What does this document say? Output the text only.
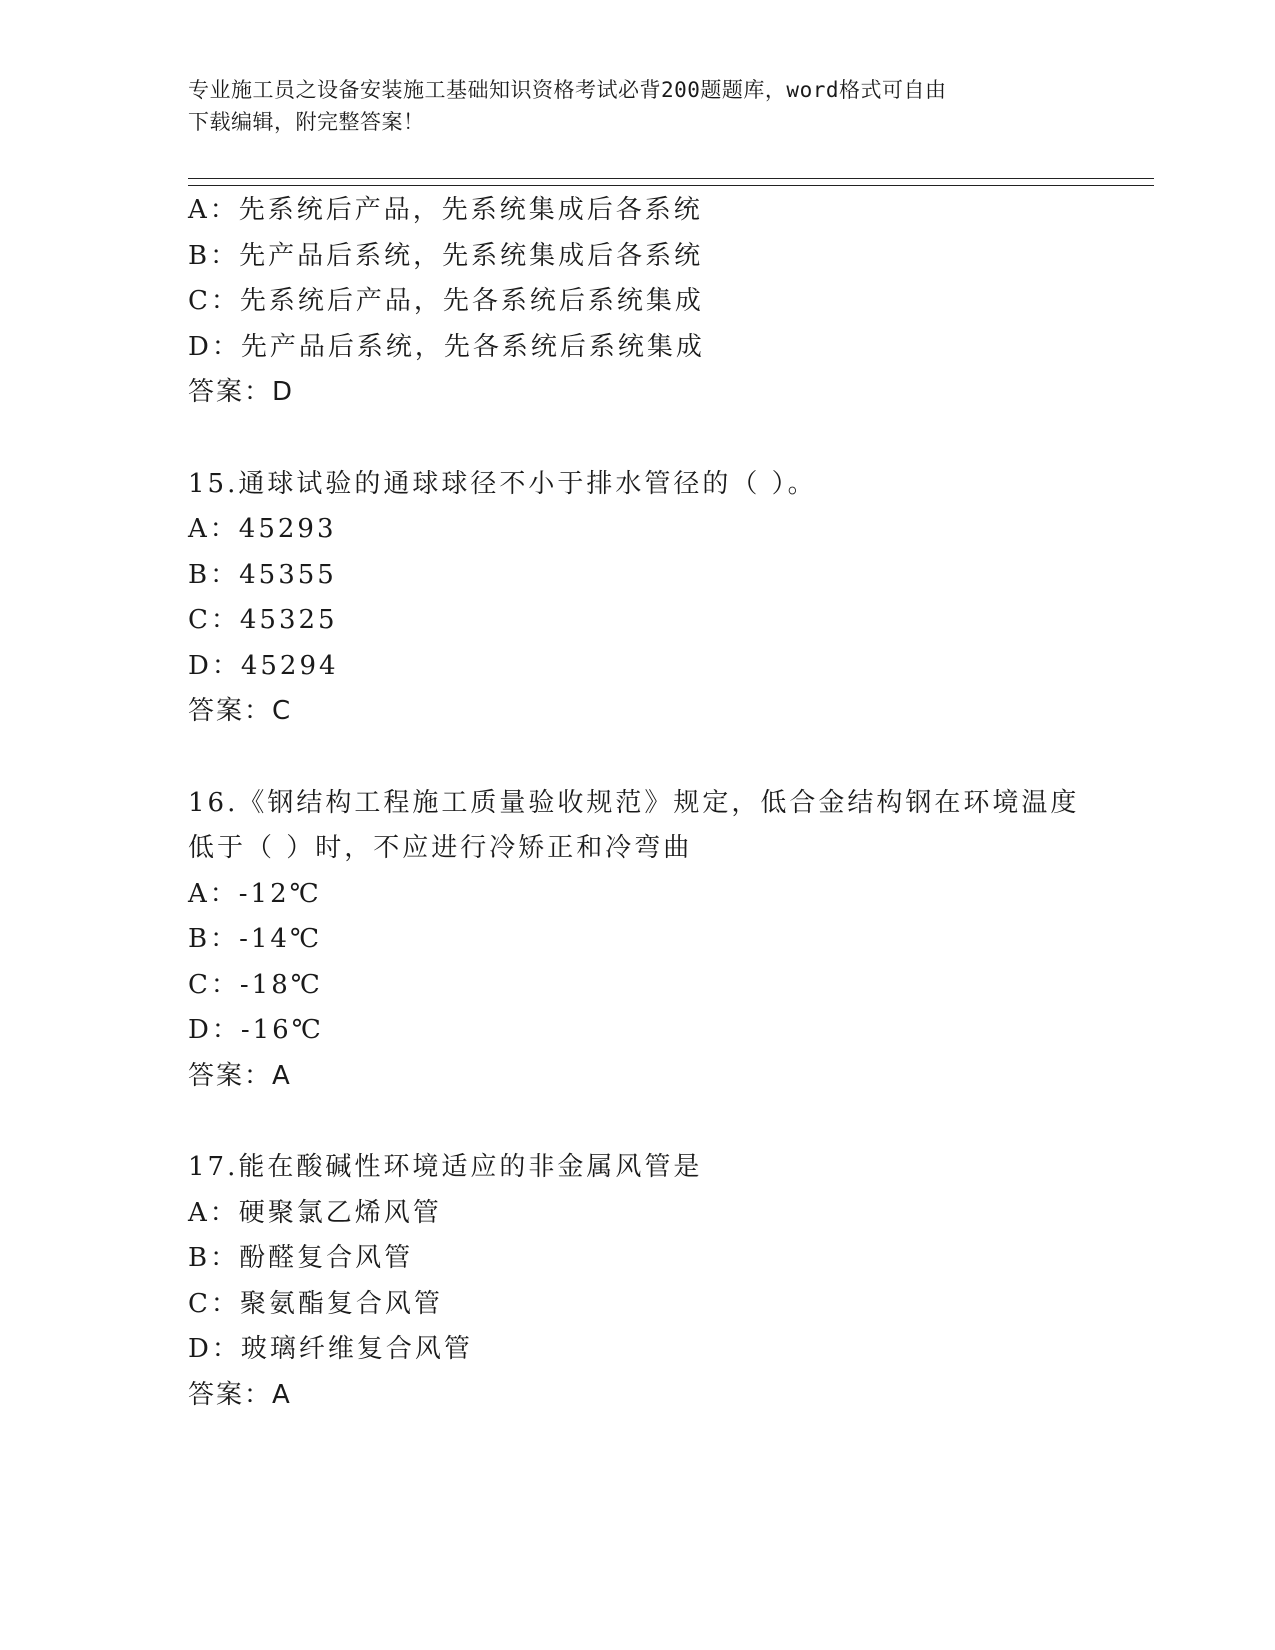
专业施工员之设备安装施工基础知识资格考试必背200题题库，word格式可自由
下载编辑，附完整答案！
A：先系统后产品，先系统集成后各系统
B：先产品后系统，先系统集成后各系统
C：先系统后产品，先各系统后系统集成
D：先产品后系统，先各系统后系统集成
答案：D
15.通球试验的通球球径不小于排水管径的（ ）。
A：45293
B：45355
C：45325
D：45294
答案：C
16.《钢结构工程施工质量验收规范》规定，低合金结构钢在环境温度
低于（ ）时，不应进行冷矫正和冷弯曲
A：-12℃
B：-14℃
C：-18℃
D：-16℃
答案：A
17.能在酸碱性环境适应的非金属风管是
A：硬聚氯乙烯风管
B：酚醛复合风管
C：聚氨酯复合风管
D：玻璃纤维复合风管
答案：A
